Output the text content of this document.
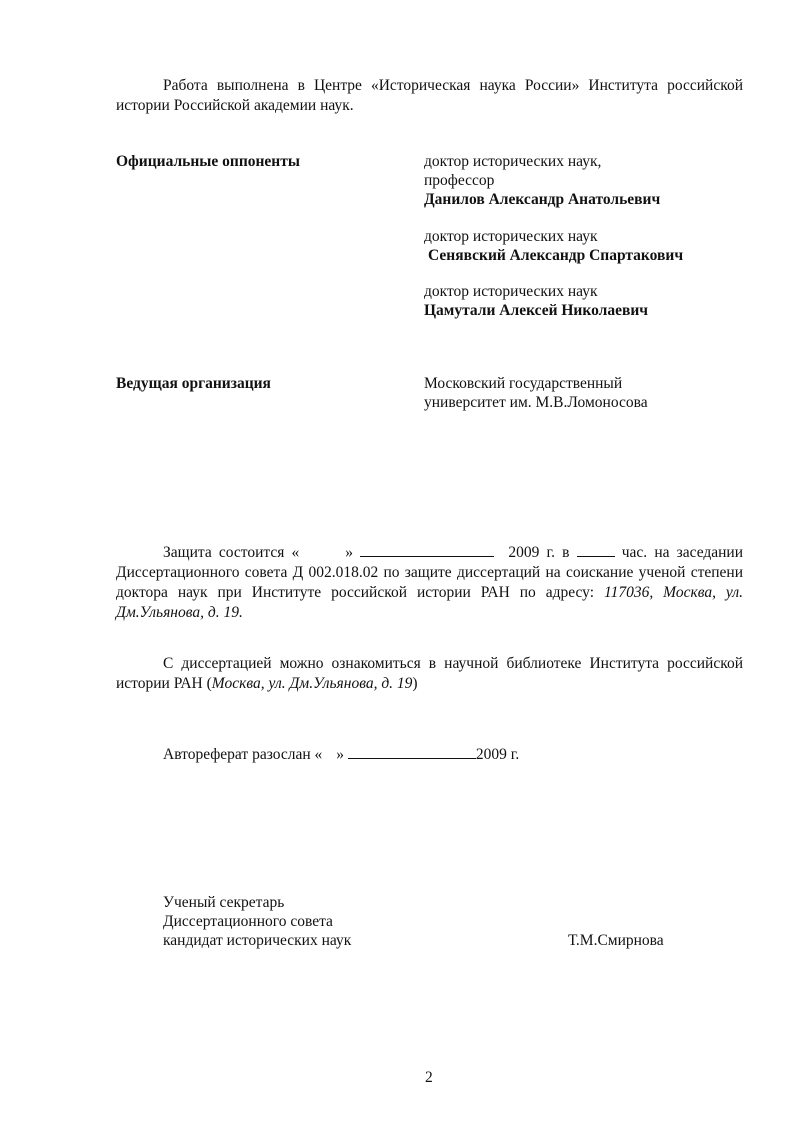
Работа выполнена в Центре «Историческая наука России» Института российской истории Российской академии наук.
Официальные оппоненты	доктор исторических наук,
профессор
Данилов Александр Анатольевич
доктор исторических наук
Сенявский Александр Спартакович
доктор исторических наук
Цамутали Алексей Николаевич
Ведущая организация	Московский государственный
университет им. М.В.Ломоносова
Защита состоится «	»	2009 г. в	час. на заседании Диссертационного совета Д 002.018.02 по защите диссертаций на соискание ученой степени доктора наук при Институте российской истории РАН по адресу: 117036, Москва, ул. Дм.Ульянова, д. 19.
С диссертацией можно ознакомиться в научной библиотеке Института российской истории РАН (Москва, ул. Дм.Ульянова, д. 19)
Автореферат разослан « »	2009 г.
Ученый секретарь
Диссертационного совета
кандидат исторических наук	Т.М.Смирнова
2
